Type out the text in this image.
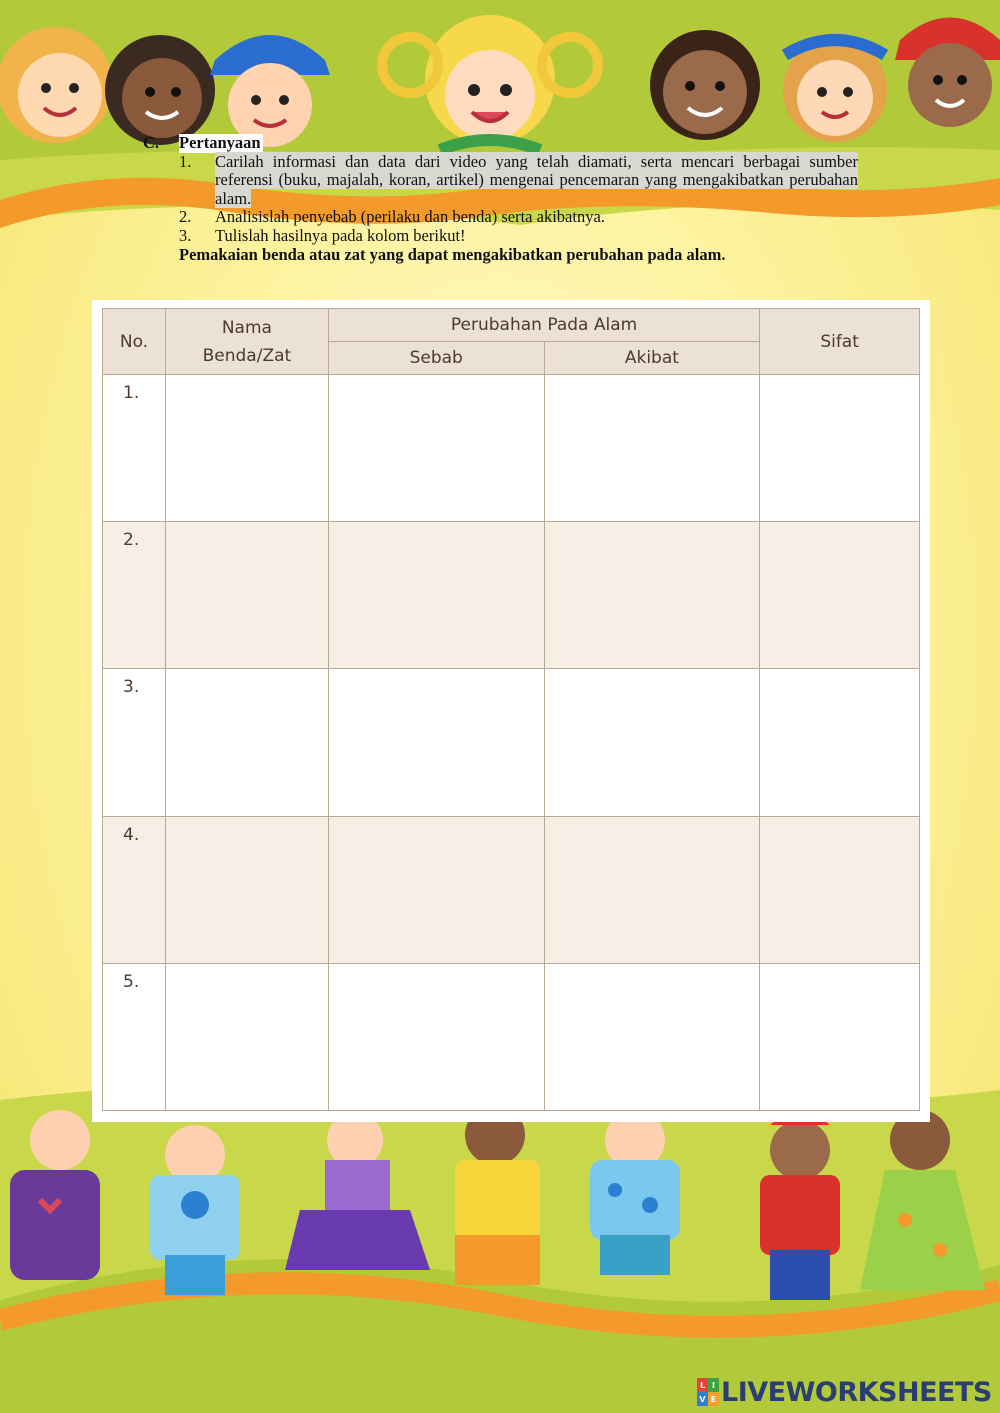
C.	Pertanyaan
1.	Carilah informasi dan data dari video yang telah diamati, serta mencari berbagai sumber referensi (buku, majalah, koran, artikel) mengenai pencemaran yang mengakibatkan perubahan alam.
2.	Analisislah penyebab (perilaku dan benda) serta akibatnya.
3.	Tulislah hasilnya pada kolom berikut!
Pemakaian benda atau zat yang dapat mengakibatkan perubahan pada alam.
No.	Nama Benda/Zat	Perubahan Pada Alam		Sifat
		Sebab	Akibat	
1.				
2.				
3.				
4.				
5.				
L I
V E LIVEWORKSHEETS
